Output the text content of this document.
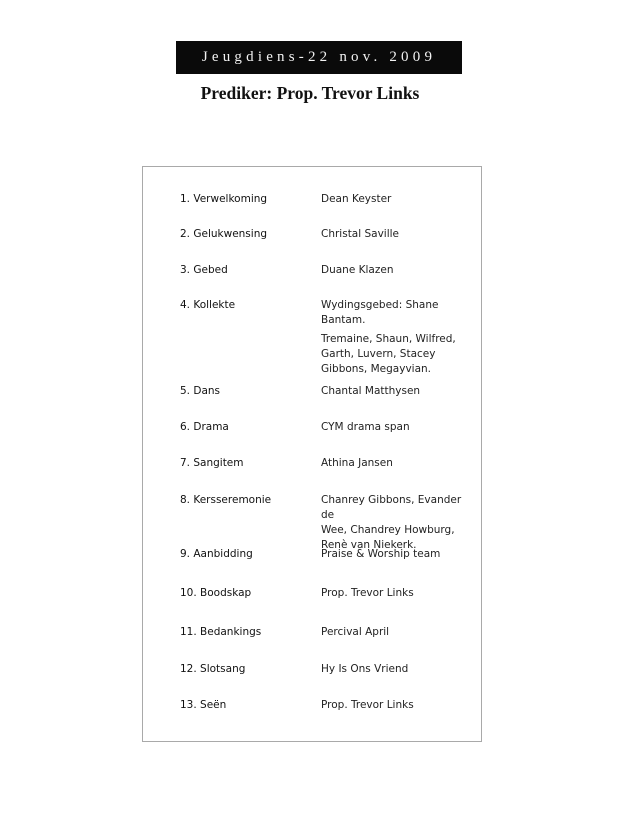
Jeugdiens-22 nov. 2009
Prediker: Prop. Trevor Links
1. Verwelkoming	Dean Keyster
2. Gelukwensing	Christal Saville
3. Gebed	Duane Klazen
4. Kollekte	Wydingsgebed: Shane
Bantam.
Tremaine, Shaun, Wilfred,
Garth, Luvern, Stacey
Gibbons, Megayvian.
5. Dans	Chantal Matthysen
6. Drama	CYM drama span
7. Sangitem	Athina Jansen
8. Kersseremonie	Chanrey Gibbons, Evander de
Wee, Chandrey Howburg,
Renè van Niekerk.
9. Aanbidding	Praise & Worship team
10. Boodskap	Prop. Trevor Links
11. Bedankings	Percival April
12. Slotsang	Hy Is Ons Vriend
13. Seën	Prop. Trevor Links
